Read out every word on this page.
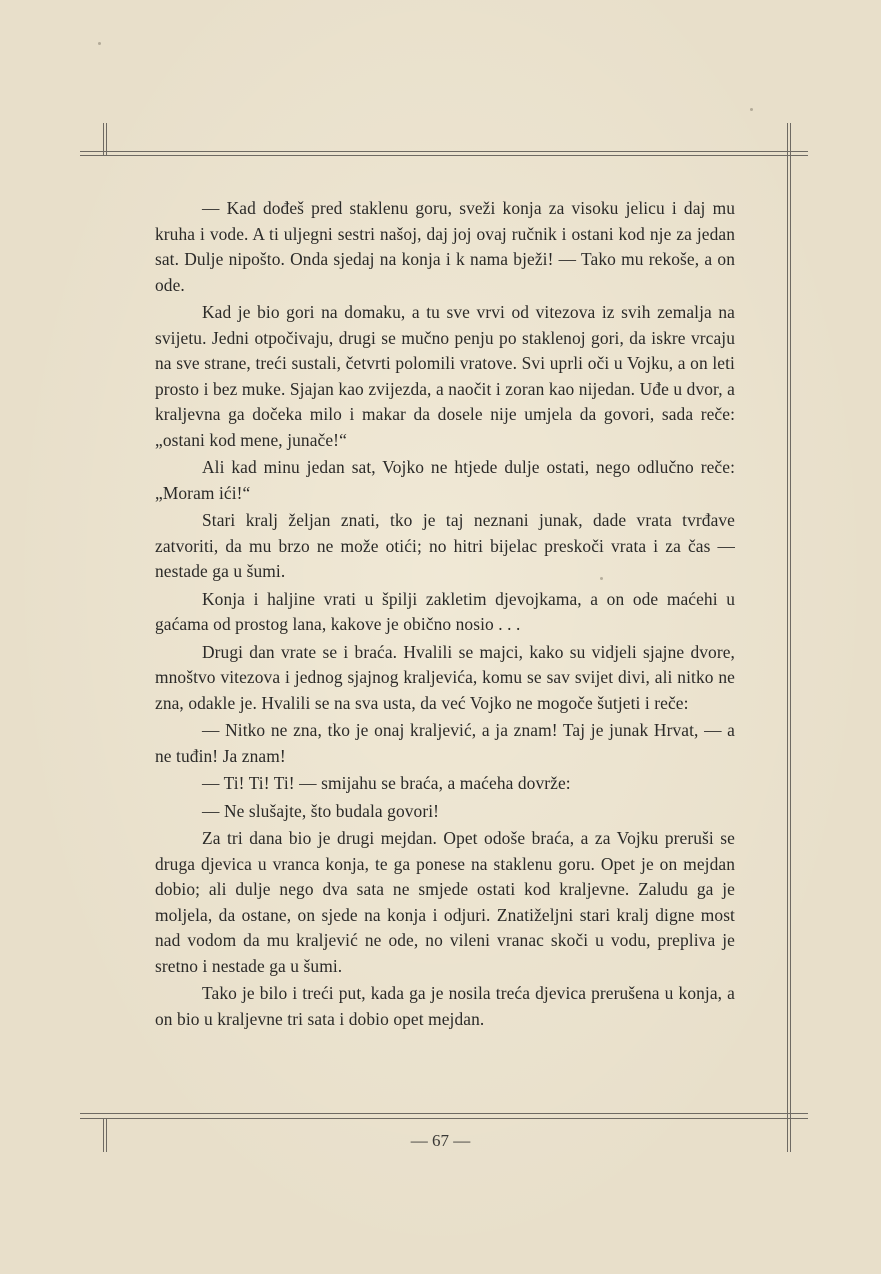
— Kad dođeš pred staklenu goru, sveži konja za visoku jelicu i daj mu kruha i vode. A ti uljegni sestri našoj, daj joj ovaj ručnik i ostani kod nje za jedan sat. Dulje nipošto. Onda sjedaj na konja i k nama bježi! — Tako mu rekoše, a on ode.

Kad je bio gori na domaku, a tu sve vrvi od vitezova iz svih zemalja na svijetu. Jedni otpočivaju, drugi se mučno penju po staklenoj gori, da iskre vrcaju na sve strane, treći sustali, četvrti polomili vratove. Svi uprli oči u Vojku, a on leti prosto i bez muke. Sjajan kao zvijezda, a naočit i zoran kao nijedan. Uđe u dvor, a kraljevna ga dočeka milo i makar da dosele nije umjela da govori, sada reče: „ostani kod mene, junače!“

Ali kad minu jedan sat, Vojko ne htjede dulje ostati, nego odlučno reče: „Moram ići!“

Stari kralj željan znati, tko je taj neznani junak, dade vrata tvrđave zatvoriti, da mu brzo ne može otići; no hitri bijelac preskoči vrata i za čas — nestade ga u šumi.

Konja i haljine vrati u špilji zakletim djevojkama, a on ode maćehi u gaćama od prostog lana, kakove je obično nosio . . .

Drugi dan vrate se i braća. Hvalili se majci, kako su vidjeli sjajne dvore, mnoštvo vitezova i jednog sjajnog kraljevića, komu se sav svijet divi, ali nitko ne zna, odakle je. Hvalili se na sva usta, da već Vojko ne mogoče šutjeti i reče:

— Nitko ne zna, tko je onaj kraljević, a ja znam! Taj je junak Hrvat, — a ne tuđin! Ja znam!

— Ti! Ti! Ti! — smijahu se braća, a maćeha dovrže:

— Ne slušajte, što budala govori!

Za tri dana bio je drugi mejdan. Opet odoše braća, a za Vojku preruši se druga djevica u vranca konja, te ga ponese na staklenu goru. Opet je on mejdan dobio; ali dulje nego dva sata ne smjede ostati kod kraljevne. Zaludu ga je moljela, da ostane, on sjede na konja i odjuri. Znatiželjni stari kralj digne most nad vodom da mu kraljević ne ode, no vileni vranac skoči u vodu, prepliva je sretno i nestade ga u šumi.

Tako je bilo i treći put, kada ga je nosila treća djevica prerušena u konja, a on bio u kraljevne tri sata i dobio opet mejdan.

— 67 —
